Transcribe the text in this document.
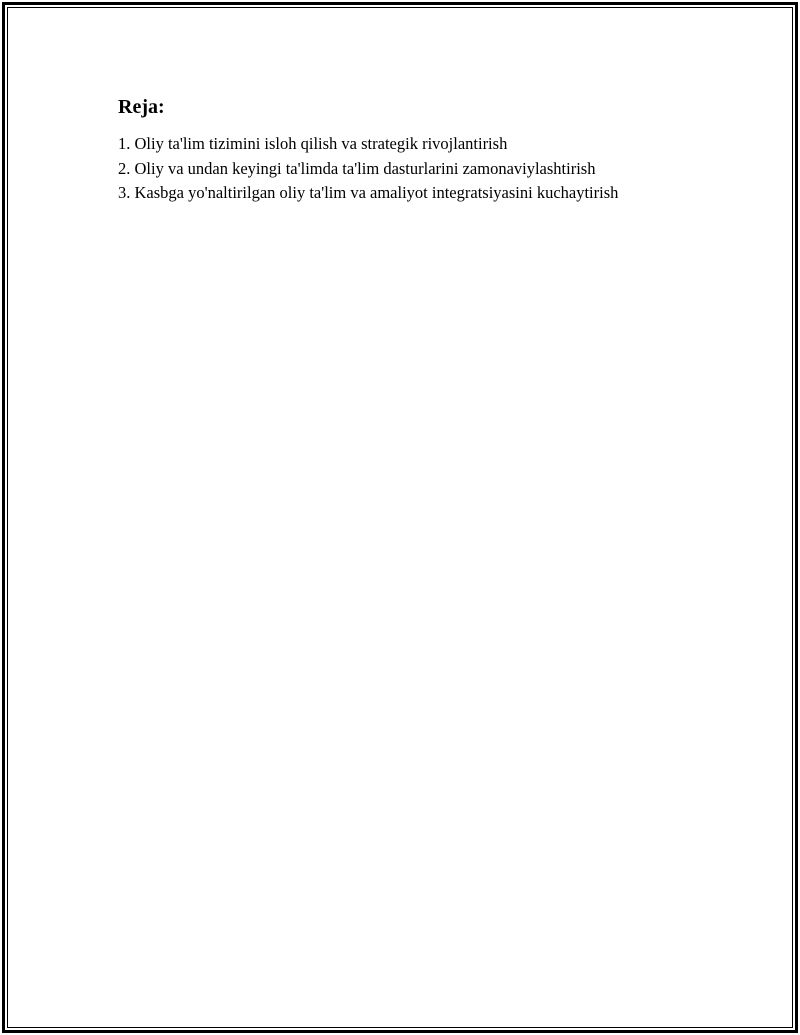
Reja:
1. Oliy ta'lim tizimini isloh qilish va strategik rivojlantirish
2. Oliy va undan keyingi ta'limda ta'lim dasturlarini zamonaviylashtirish
3. Kasbga yo'naltirilgan oliy ta'lim va amaliyot integratsiyasini kuchaytirish
